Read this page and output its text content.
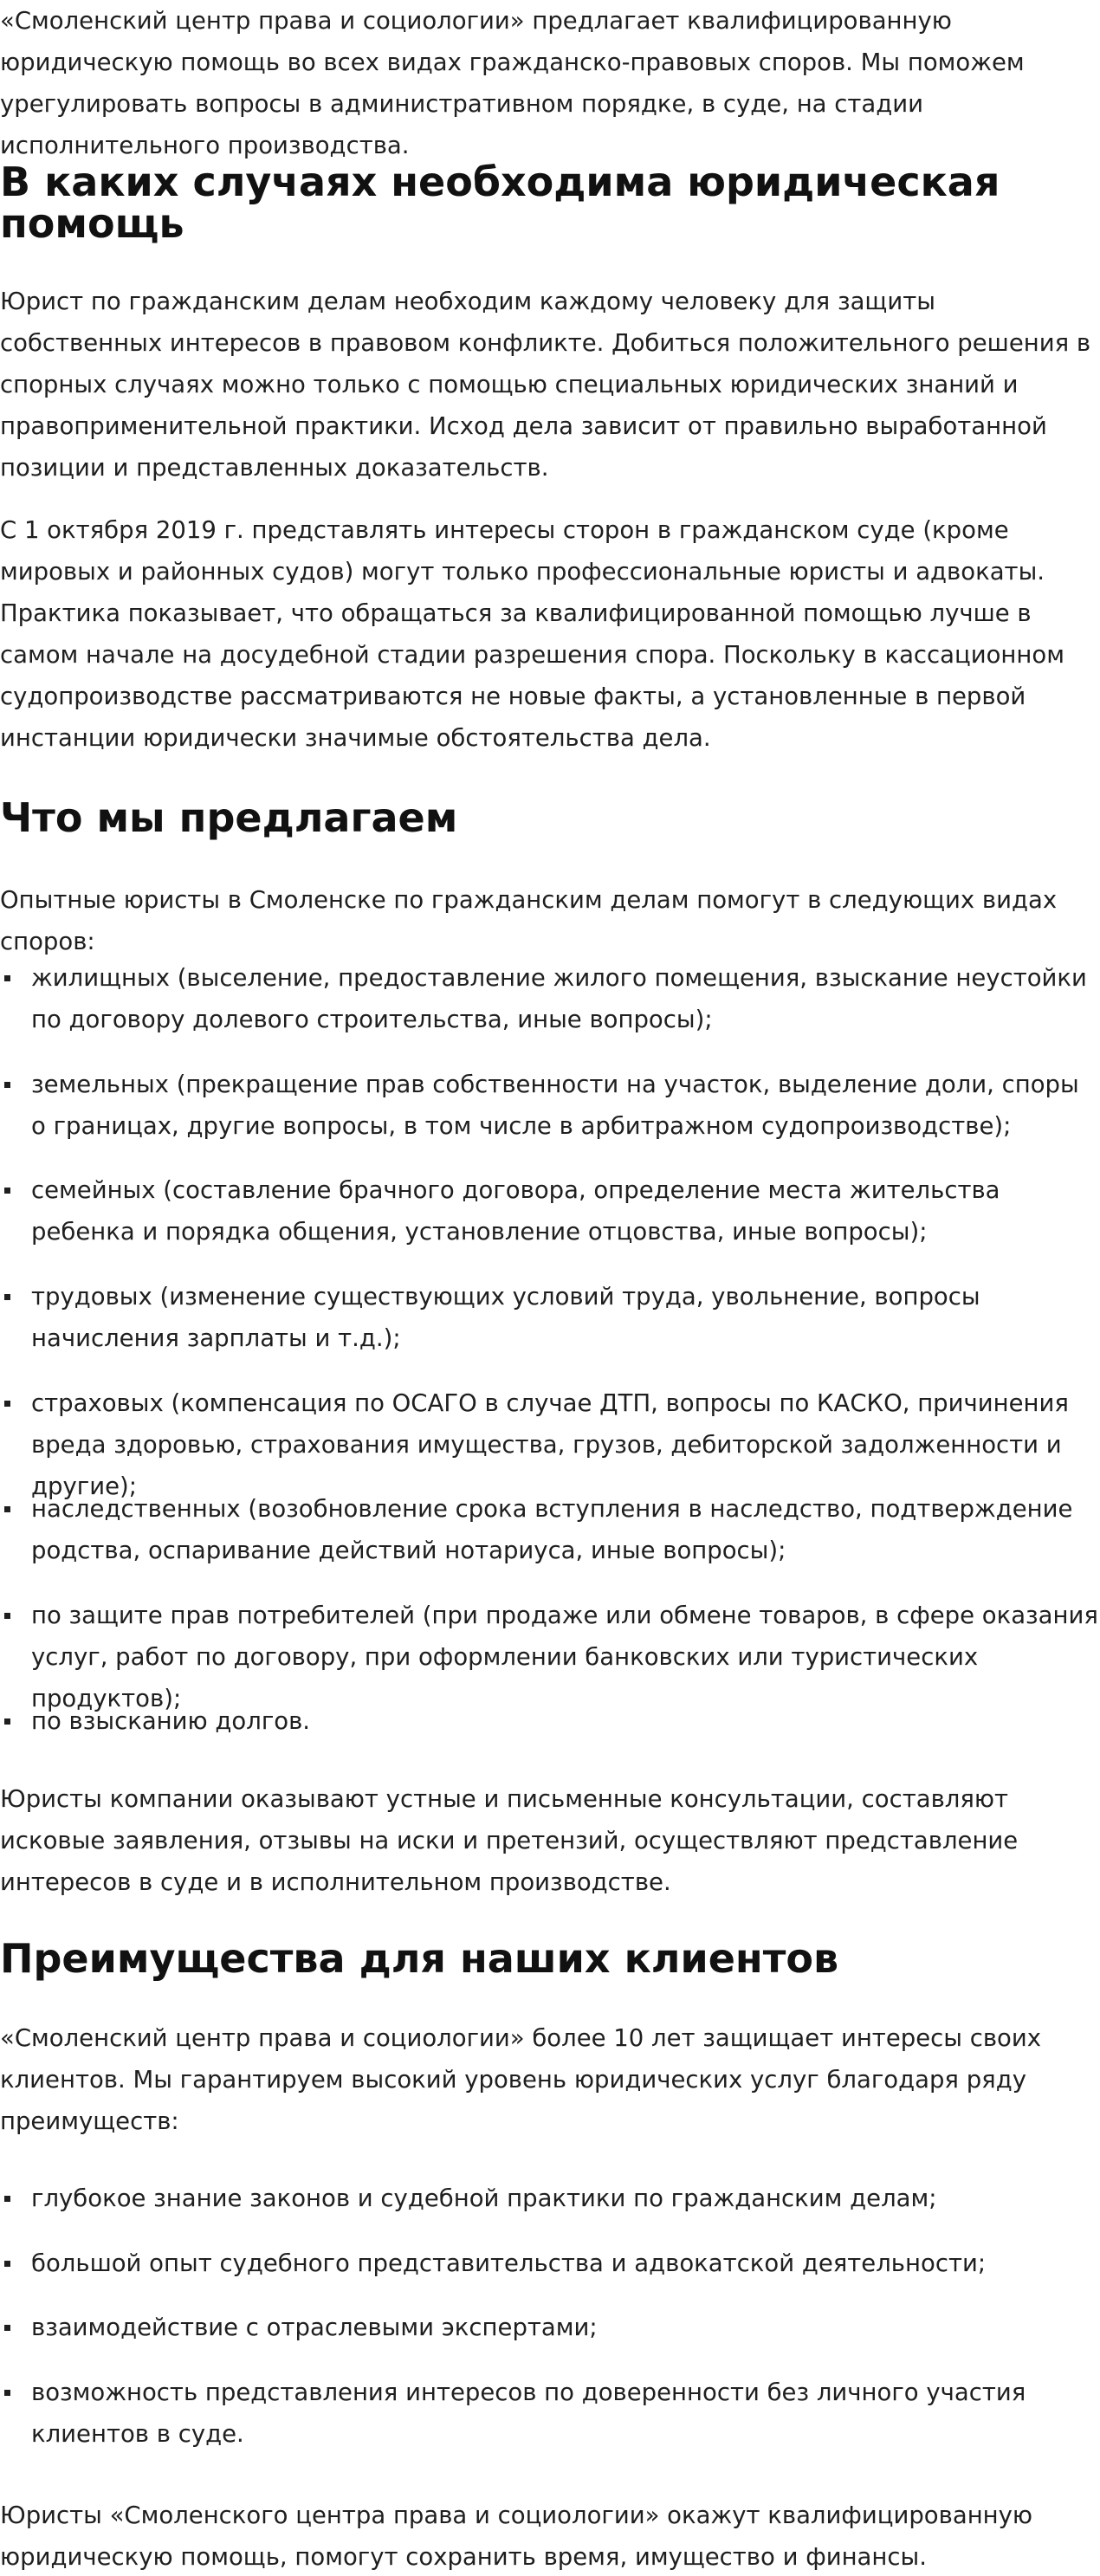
«Смоленский центр права и социологии» предлагает квалифицированную юридическую помощь во всех видах гражданско-правовых споров. Мы поможем урегулировать вопросы в административном порядке, в суде, на стадии исполнительного производства.

В каких случаях необходима юридическая помощь

Юрист по гражданским делам необходим каждому человеку для защиты собственных интересов в правовом конфликте. Добиться положительного решения в спорных случаях можно только с помощью специальных юридических знаний и правоприменительной практики. Исход дела зависит от правильно выработанной позиции и представленных доказательств.

С 1 октября 2019 г. представлять интересы сторон в гражданском суде (кроме мировых и районных судов) могут только профессиональные юристы и адвокаты. Практика показывает, что обращаться за квалифицированной помощью лучше в самом начале на досудебной стадии разрешения спора. Поскольку в кассационном судопроизводстве рассматриваются не новые факты, а установленные в первой инстанции юридически значимые обстоятельства дела.

Что мы предлагаем

Опытные юристы в Смоленске по гражданским делам помогут в следующих видах споров:

жилищных (выселение, предоставление жилого помещения, взыскание неустойки по договору долевого строительства, иные вопросы);
земельных (прекращение прав собственности на участок, выделение доли, споры о границах, другие вопросы, в том числе в арбитражном судопроизводстве);
семейных (составление брачного договора, определение места жительства ребенка и порядка общения, установление отцовства, иные вопросы);
трудовых (изменение существующих условий труда, увольнение, вопросы начисления зарплаты и т.д.);
страховых (компенсация по ОСАГО в случае ДТП, вопросы по КАСКО, причинения вреда здоровью, страхования имущества, грузов, дебиторской задолженности и другие);
наследственных (возобновление срока вступления в наследство, подтверждение родства, оспаривание действий нотариуса, иные вопросы);
по защите прав потребителей (при продаже или обмене товаров, в сфере оказания услуг, работ по договору, при оформлении банковских или туристических продуктов);
по взысканию долгов.

Юристы компании оказывают устные и письменные консультации, составляют исковые заявления, отзывы на иски и претензий, осуществляют представление интересов в суде и в исполнительном производстве.

Преимущества для наших клиентов

«Смоленский центр права и социологии» более 10 лет защищает интересы своих клиентов. Мы гарантируем высокий уровень юридических услуг благодаря ряду преимуществ:

глубокое знание законов и судебной практики по гражданским делам;
большой опыт судебного представительства и адвокатской деятельности;
взаимодействие с отраслевыми экспертами;
возможность представления интересов по доверенности без личного участия клиентов в суде.

Юристы «Смоленского центра права и социологии» окажут квалифицированную юридическую помощь, помогут сохранить время, имущество и финансы.
